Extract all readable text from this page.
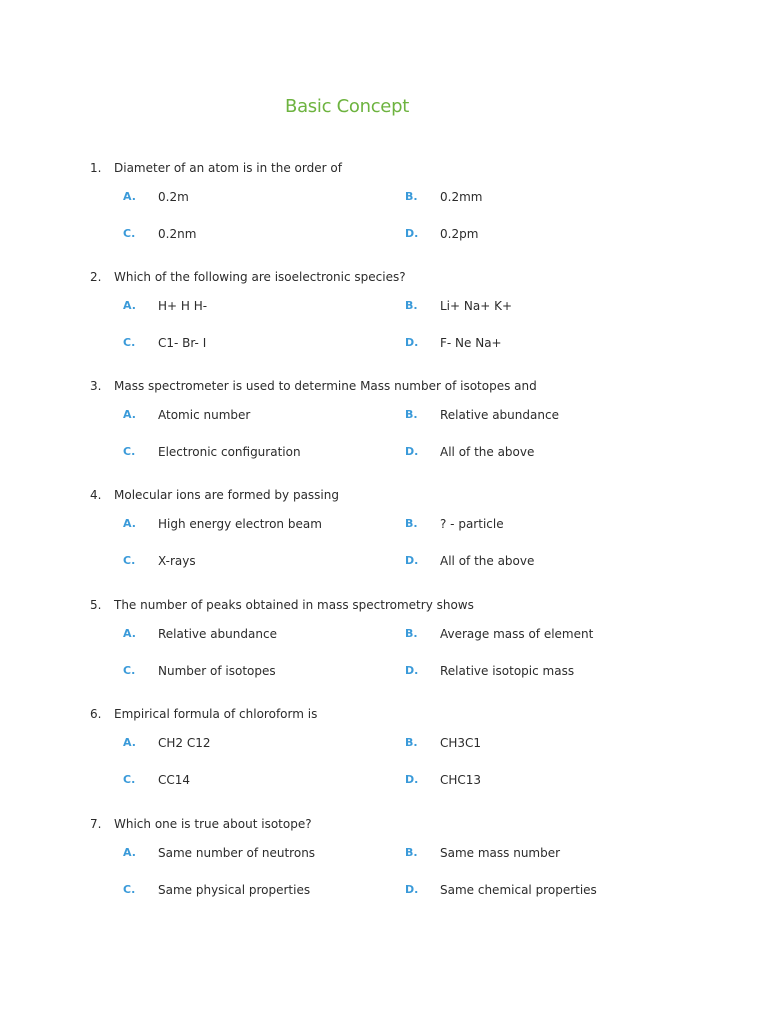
Basic Concept
1. Diameter of an atom is in the order of
A. 0.2m	B. 0.2mm
C. 0.2nm	D. 0.2pm
2. Which of the following are isoelectronic species?
A. H+ H H-	B. Li+ Na+ K+
C. C1- Br- I	D. F- Ne Na+
3. Mass spectrometer is used to determine Mass number of isotopes and
A. Atomic number	B. Relative abundance
C. Electronic configuration	D. All of the above
4. Molecular ions are formed by passing
A. High energy electron beam	B. ? - particle
C. X-rays	D. All of the above
5. The number of peaks obtained in mass spectrometry shows
A. Relative abundance	B. Average mass of element
C. Number of isotopes	D. Relative isotopic mass
6. Empirical formula of chloroform is
A. CH2 C12	B. CH3C1
C. CC14	D. CHC13
7. Which one is true about isotope?
A. Same number of neutrons	B. Same mass number
C. Same physical properties	D. Same chemical properties
